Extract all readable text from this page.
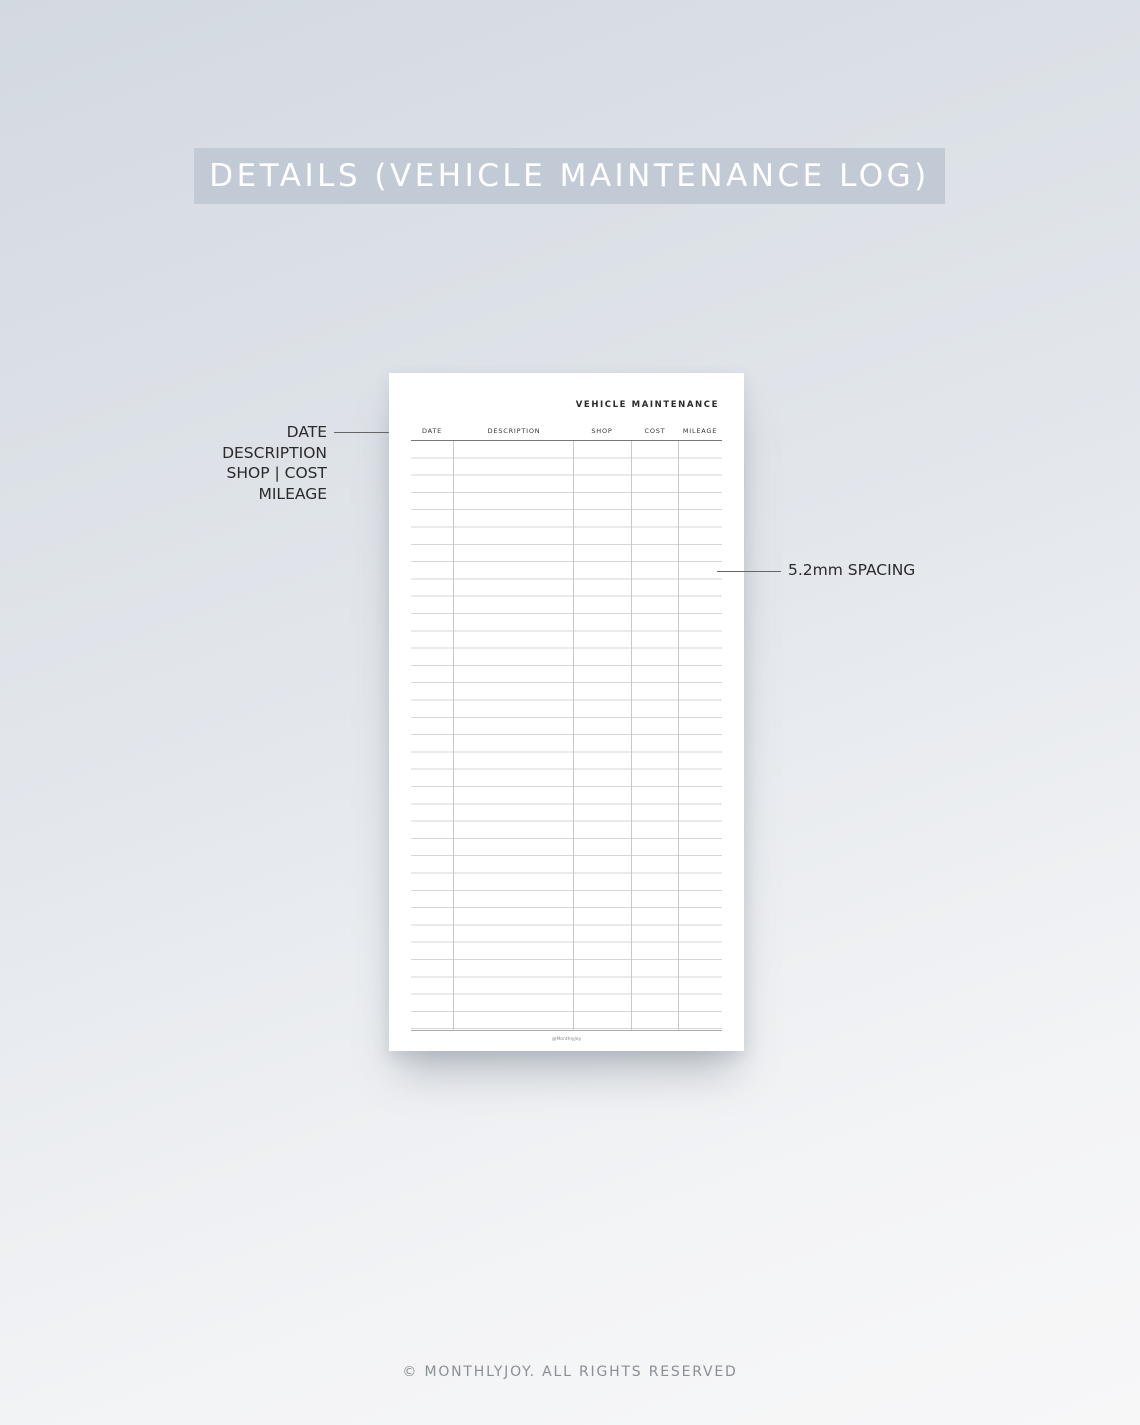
DETAILS (VEHICLE MAINTENANCE LOG)
DATE
DESCRIPTION
SHOP | COST
MILEAGE
VEHICLE MAINTENANCE
DATE	DESCRIPTION	SHOP	COST	MILEAGE
@MonthlyJoy
5.2mm SPACING
© MONTHLYJOY. ALL RIGHTS RESERVED
